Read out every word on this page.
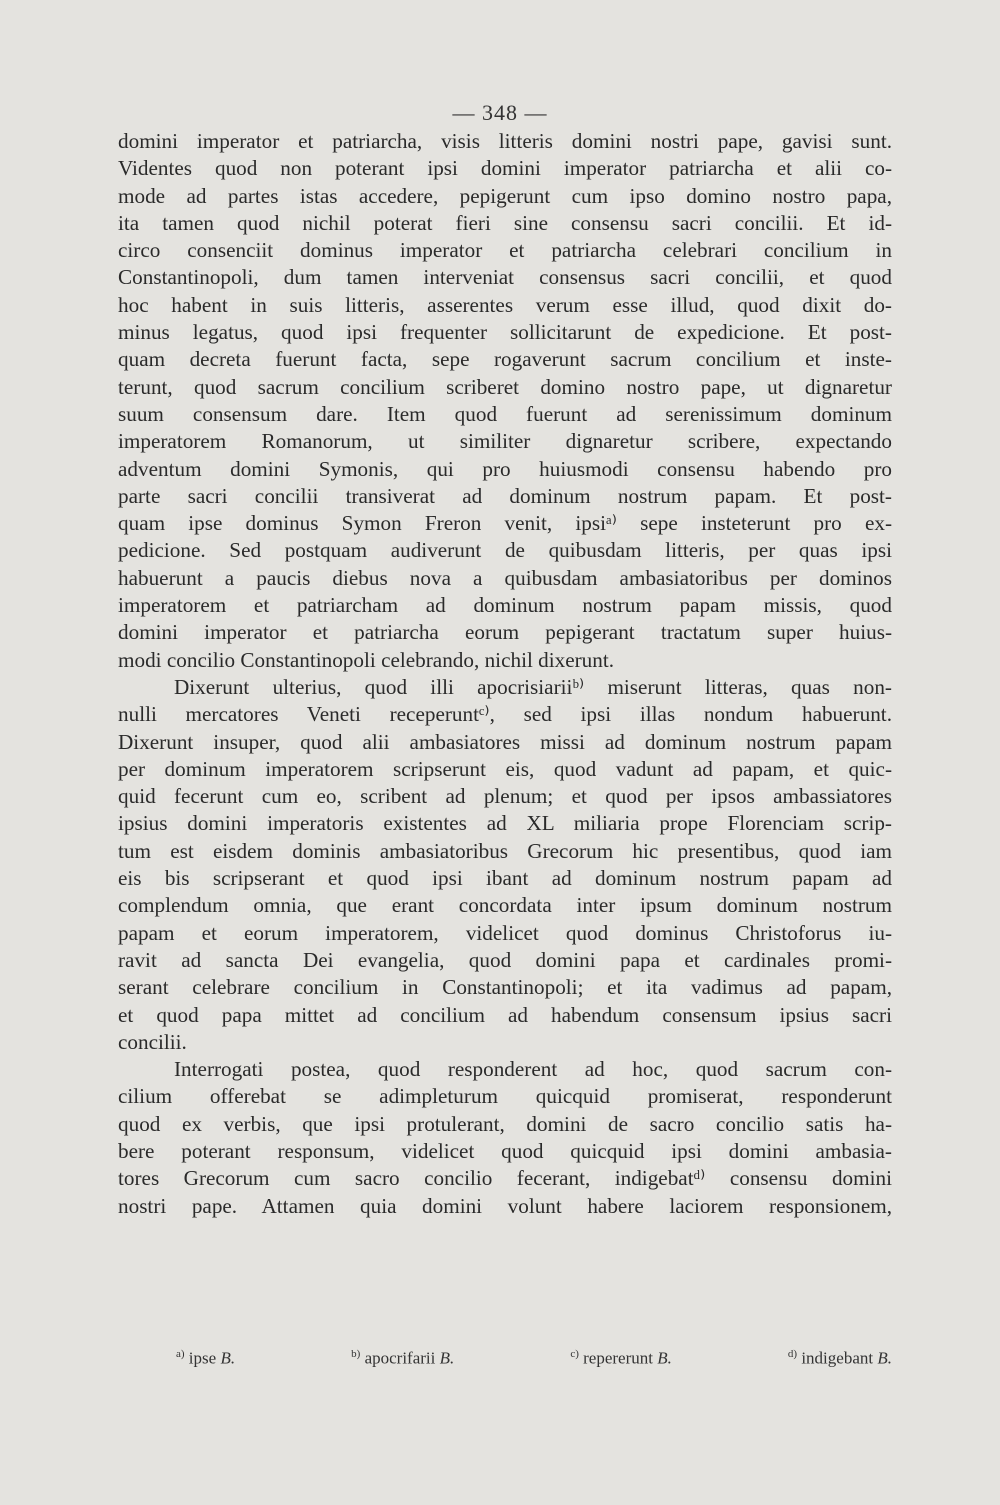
— 348 —
domini imperator et patriarcha, visis litteris domini nostri pape, gavisi sunt.
Videntes quod non poterant ipsi domini imperator patriarcha et alii co-
mode ad partes istas accedere, pepigerunt cum ipso domino nostro papa,
ita tamen quod nichil poterat fieri sine consensu sacri concilii. Et id-
circo consenciit dominus imperator et patriarcha celebrari concilium in
Constantinopoli, dum tamen interveniat consensus sacri concilii, et quod
hoc habent in suis litteris, asserentes verum esse illud, quod dixit do-
minus legatus, quod ipsi frequenter sollicitarunt de expedicione. Et post-
quam decreta fuerunt facta, sepe rogaverunt sacrum concilium et inste-
terunt, quod sacrum concilium scriberet domino nostro pape, ut dignaretur
suum consensum dare. Item quod fuerunt ad serenissimum dominum
imperatorem Romanorum, ut similiter dignaretur scribere, expectando
adventum domini Symonis, qui pro huiusmodi consensu habendo pro
parte sacri concilii transiverat ad dominum nostrum papam. Et post-
quam ipse dominus Symon Freron venit, ipsiᵃ⁾ sepe insteterunt pro ex-
pedicione. Sed postquam audiverunt de quibusdam litteris, per quas ipsi
habuerunt a paucis diebus nova a quibusdam ambasiatoribus per dominos
imperatorem et patriarcham ad dominum nostrum papam missis, quod
domini imperator et patriarcha eorum pepigerant tractatum super huius-
modi concilio Constantinopoli celebrando, nichil dixerunt.
Dixerunt ulterius, quod illi apocrisiariiᵇ⁾ miserunt litteras, quas non-
nulli mercatores Veneti receperuntᶜ⁾, sed ipsi illas nondum habuerunt.
Dixerunt insuper, quod alii ambasiatores missi ad dominum nostrum papam
per dominum imperatorem scripserunt eis, quod vadunt ad papam, et quic-
quid fecerunt cum eo, scribent ad plenum; et quod per ipsos ambassiatores
ipsius domini imperatoris existentes ad XL miliaria prope Florenciam scrip-
tum est eisdem dominis ambasiatoribus Grecorum hic presentibus, quod iam
eis bis scripserant et quod ipsi ibant ad dominum nostrum papam ad
complendum omnia, que erant concordata inter ipsum dominum nostrum
papam et eorum imperatorem, videlicet quod dominus Christoforus iu-
ravit ad sancta Dei evangelia, quod domini papa et cardinales promi-
serant celebrare concilium in Constantinopoli; et ita vadimus ad papam,
et quod papa mittet ad concilium ad habendum consensum ipsius sacri
concilii.
Interrogati postea, quod responderent ad hoc, quod sacrum con-
cilium offerebat se adimpleturum quicquid promiserat, responderunt
quod ex verbis, que ipsi protulerant, domini de sacro concilio satis ha-
bere poterant responsum, videlicet quod quicquid ipsi domini ambasia-
tores Grecorum cum sacro concilio fecerant, indigebatᵈ⁾ consensu domini
nostri pape. Attamen quia domini volunt habere laciorem responsionem,
$^{a)}$ ipse B.	$^{b)}$ apocrifarii B.	$^{c)}$ repererunt B.	$^{d)}$ indigebant B.
